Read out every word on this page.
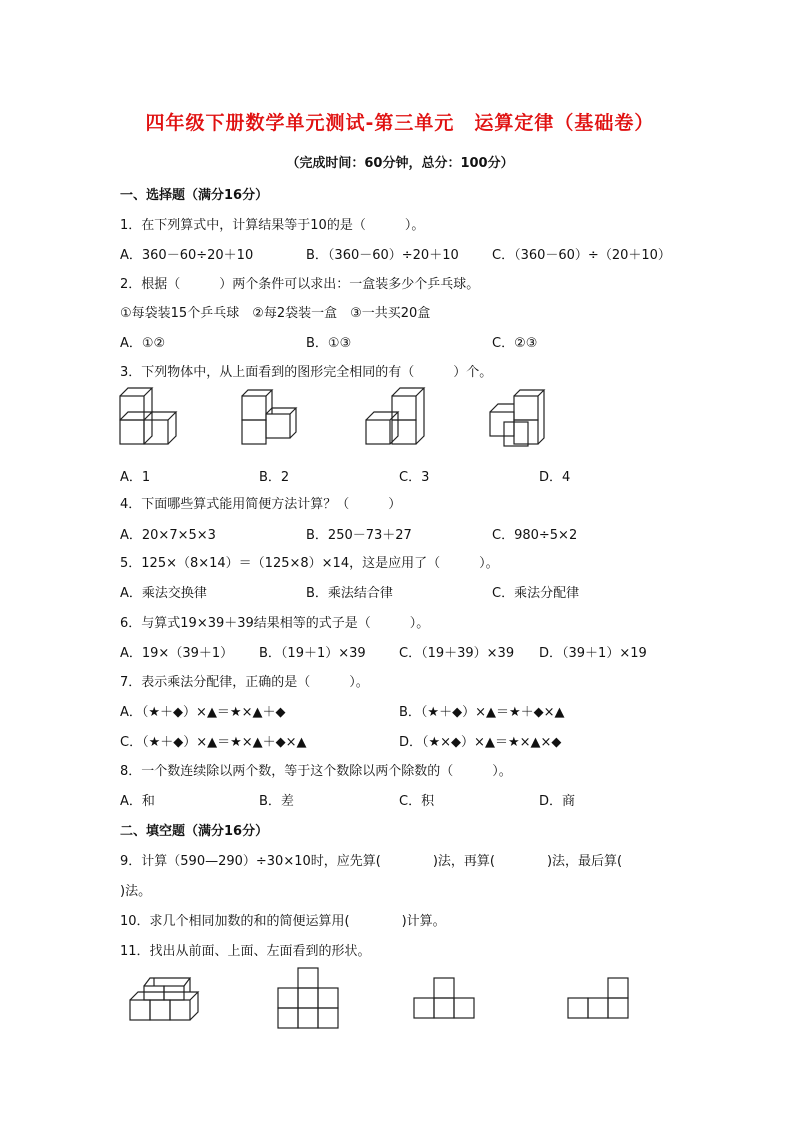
四年级下册数学单元测试-第三单元　运算定律（基础卷）
（完成时间：60分钟，总分：100分）
一、选择题（满分16分）
1．在下列算式中，计算结果等于10的是（　　　）。
A．360－60÷20＋10	B．（360－60）÷20＋10	C．（360－60）÷（20＋10）
2．根据（　　　）两个条件可以求出：一盒装多少个乒乓球。
①每袋装15个乒乓球　②每2袋装一盒　③一共买20盒
A．①②	B．①③	C．②③
3．下列物体中，从上面看到的图形完全相同的有（　　　）个。
A．1	B．2	C．3	D．4
4．下面哪些算式能用简便方法计算？（　　　）
A．20×7×5×3	B．250－73＋27	C．980÷5×2
5．125×（8×14）＝（125×8）×14，这是应用了（　　　）。
A．乘法交换律	B．乘法结合律	C．乘法分配律
6．与算式19×39＋39结果相等的式子是（　　　）。
A．19×（39＋1） B．（19＋1）×39	C．（19＋39）×39 D．（39＋1）×19
7．表示乘法分配律，正确的是（　　　）。
A．（★＋◆）×▲＝★×▲＋◆	B．（★＋◆）×▲＝★＋◆×▲
C．（★＋◆）×▲＝★×▲＋◆×▲	D．（★×◆）×▲＝★×▲×◆
8．一个数连续除以两个数，等于这个数除以两个除数的（　　　）。
A．和	B．差	C．积	D．商
二、填空题（满分16分）
9．计算（590—290）÷30×10时，应先算(　　　　)法，再算(　　　　)法，最后算(
)法。
10．求几个相同加数的和的简便运算用(　　　　)计算。
11．找出从前面、上面、左面看到的形状。
